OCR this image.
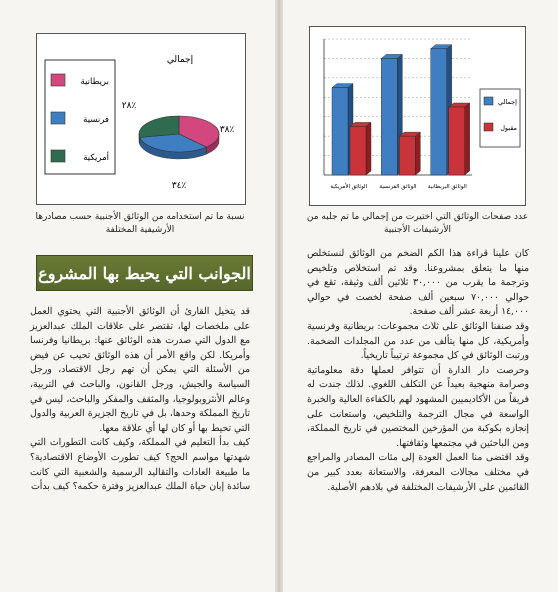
إجمالي
بريطانية
فرنسية
أمريكية
٣٨٪
٣٤٪
٢٨٪
الوثائق البريطانية
الوثائق الفرنسية
الوثائق الأمريكية
إجمالي
مقبول
نسبة ما تم استخدامه من الوثائق الأجنبية حسب مصادرها الأرشيفية المختلفة
عدد صفحات الوثائق التي اختيرت من إجمالي ما تم جلبه من الأرشيفات الأجنبية
الجوانب التي يحيط بها المشروع

كان علينا قراءة هذا الكم الضخم من الوثائق لنستخلص منها ما يتعلق بمشروعنا. وقد تم استخلاص وتلخيص وترجمة ما يقرب من ٣٠,٠٠٠ ثلاثين ألف وثيقة، تقع في حوالي ٧٠,٠٠٠ سبعين ألف صفحة لخصت في حوالي ١٤,٠٠٠ أربعة عشر ألف صفحة.

وقد صنفنا الوثائق على ثلاث مجموعات: بريطانية وفرنسية وأمريكية، كل منها يتألف من عدد من المجلدات الضخمة. ورتبت الوثائق في كل مجموعة ترتيباً تاريخياً.

وحرصت دار الدارة أن تتوافر لعملها دقة معلوماتية وصرامة منهجية بعيداً عن التكلف اللغوي. لذلك جندت له فريقاً من الأكاديميين المشهود لهم بالكفاءة العالية والخبرة الواسعة في مجال الترجمة والتلخيص، واستعانت على إنجازه بكوكبة من المؤرخين المختصين في تاريخ المملكة، ومن الباحثين في مجتمعها وثقافتها.

وقد اقتضى منا العمل العودة إلى مئات المصادر والمراجع في مختلف مجالات المعرفة، والاستعانة بعدد كبير من القائمين على الأرشيفات المختلفة في بلادهم الأصلية.

قد يتخيل القارئ أن الوثائق الأجنبية التي يحتوي العمل على ملخصات لها، تقتصر على علاقات الملك عبدالعزيز مع الدول التي صدرت هذه الوثائق عنها: بريطانيا وفرنسا وأمريكا. لكن واقع الأمر أن هذه الوثائق تحيب عن فيض من الأسئلة التي يمكن أن تهم رجل الاقتصاد، ورجل السياسة والجيش، ورجل القانون، والباحث في التربية، وعالم الأنثروبولوجيا، والمثقف والمفكر والباحث، ليس في تاريخ المملكة وحدها، بل في تاريخ الجزيرة العربية والدول التي تحيط بها أو كان لها أي علاقة معها.

كيف بدأ التعليم في المملكة، وكيف كانت التطورات التي شهدتها مواسم الحج؟ كيف تطورت الأوضاع الاقتصادية؟ ما طبيعة العادات والتقاليد الرسمية والشعبية التي كانت سائدة إبان حياة الملك عبدالعزيز وفترة حكمه؟ كيف بدأت
